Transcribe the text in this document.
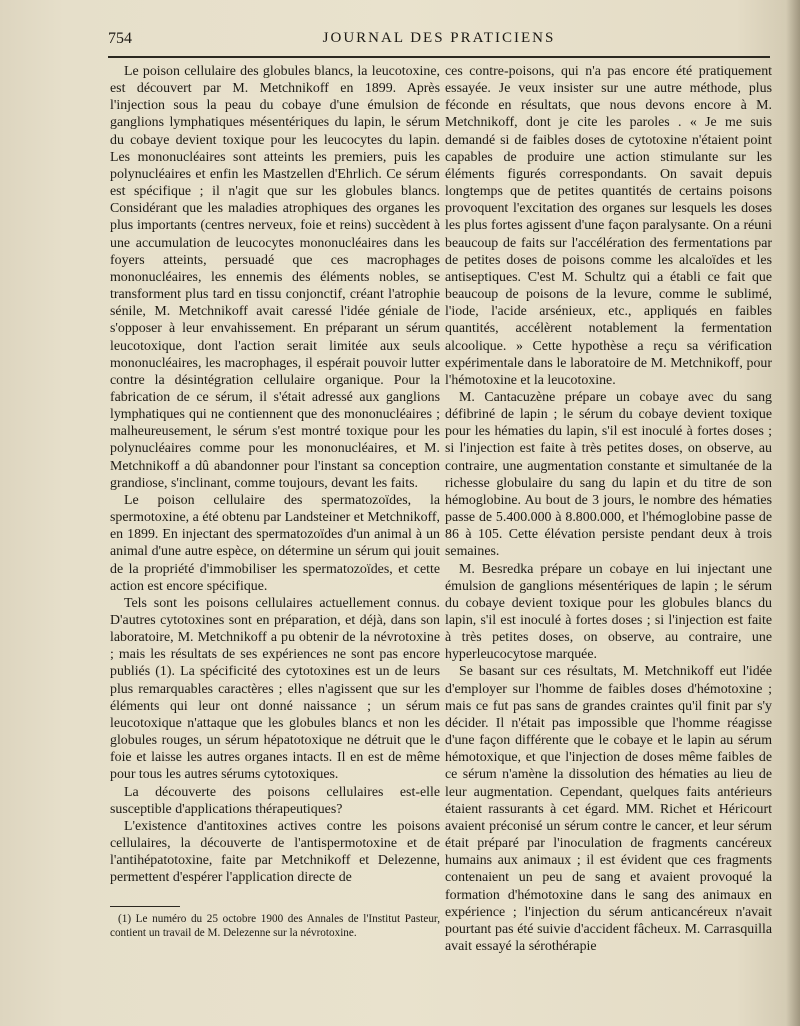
754	JOURNAL DES PRATICIENS

Le poison cellulaire des globules blancs, la leucotoxine, est découvert par M. Metchnikoff en 1899. Après l'injection sous la peau du cobaye d'une émulsion de ganglions lymphatiques mésentériques du lapin, le sérum du cobaye devient toxique pour les leucocytes du lapin. Les mononucléaires sont atteints les premiers, puis les polynucléaires et enfin les Mastzellen d'Ehrlich. Ce sérum est spécifique ; il n'agit que sur les globules blancs. Considérant que les maladies atrophiques des organes les plus importants (centres nerveux, foie et reins) succèdent à une accumulation de leucocytes mononucléaires dans les foyers atteints, persuadé que ces macrophages mononucléaires, les ennemis des éléments nobles, se transforment plus tard en tissu conjonctif, créant l'atrophie sénile, M. Metchnikoff avait caressé l'idée géniale de s'opposer à leur envahissement. En préparant un sérum leucotoxique, dont l'action serait limitée aux seuls mononucléaires, les macrophages, il espérait pouvoir lutter contre la désintégration cellulaire organique. Pour la fabrication de ce sérum, il s'était adressé aux ganglions lymphatiques qui ne contiennent que des mononucléaires ; malheureusement, le sérum s'est montré toxique pour les polynucléaires comme pour les mononucléaires, et M. Metchnikoff a dû abandonner pour l'instant sa conception grandiose, s'inclinant, comme toujours, devant les faits.

Le poison cellulaire des spermatozoïdes, la spermotoxine, a été obtenu par Landsteiner et Metchnikoff, en 1899. En injectant des spermatozoïdes d'un animal à un animal d'une autre espèce, on détermine un sérum qui jouit de la propriété d'immobiliser les spermatozoïdes, et cette action est encore spécifique.

Tels sont les poisons cellulaires actuellement connus. D'autres cytotoxines sont en préparation, et déjà, dans son laboratoire, M. Metchnikoff a pu obtenir de la névrotoxine ; mais les résultats de ses expériences ne sont pas encore publiés (1). La spécificité des cytotoxines est un de leurs plus remarquables caractères ; elles n'agissent que sur les éléments qui leur ont donné naissance ; un sérum leucotoxique n'attaque que les globules blancs et non les globules rouges, un sérum hépatotoxique ne détruit que le foie et laisse les autres organes intacts. Il en est de même pour tous les autres sérums cytotoxiques.

La découverte des poisons cellulaires est-elle susceptible d'applications thérapeutiques?

L'existence d'antitoxines actives contre les poisons cellulaires, la découverte de l'antispermotoxine et de l'antihépatotoxine, faite par Metchnikoff et Delezenne, permettent d'espérer l'application directe de

ces contre-poisons, qui n'a pas encore été pratiquement essayée. Je veux insister sur une autre méthode, plus féconde en résultats, que nous devons encore à M. Metchnikoff, dont je cite les paroles . « Je me suis demandé si de faibles doses de cytotoxine n'étaient point capables de produire une action stimulante sur les éléments figurés correspondants. On savait depuis longtemps que de petites quantités de certains poisons provoquent l'excitation des organes sur lesquels les doses les plus fortes agissent d'une façon paralysante. On a réuni beaucoup de faits sur l'accélération des fermentations par de petites doses de poisons comme les alcaloïdes et les antiseptiques. C'est M. Schultz qui a établi ce fait que beaucoup de poisons de la levure, comme le sublimé, l'iode, l'acide arsénieux, etc., appliqués en faibles quantités, accélèrent notablement la fermentation alcoolique. » Cette hypothèse a reçu sa vérification expérimentale dans le laboratoire de M. Metchnikoff, pour l'hémotoxine et la leucotoxine.

M. Cantacuzène prépare un cobaye avec du sang défibriné de lapin ; le sérum du cobaye devient toxique pour les hématies du lapin, s'il est inoculé à fortes doses ; si l'injection est faite à très petites doses, on observe, au contraire, une augmentation constante et simultanée de la richesse globulaire du sang du lapin et du titre de son hémoglobine. Au bout de 3 jours, le nombre des hématies passe de 5.400.000 à 8.800.000, et l'hémoglobine passe de 86 à 105. Cette élévation persiste pendant deux à trois semaines.

M. Besredka prépare un cobaye en lui injectant une émulsion de ganglions mésentériques de lapin ; le sérum du cobaye devient toxique pour les globules blancs du lapin, s'il est inoculé à fortes doses ; si l'injection est faite à très petites doses, on observe, au contraire, une hyperleucocytose marquée.

Se basant sur ces résultats, M. Metchnikoff eut l'idée d'employer sur l'homme de faibles doses d'hémotoxine ; mais ce fut pas sans de grandes craintes qu'il finit par s'y décider. Il n'était pas impossible que l'homme réagisse d'une façon différente que le cobaye et le lapin au sérum hémotoxique, et que l'injection de doses même faibles de ce sérum n'amène la dissolution des hématies au lieu de leur augmentation. Cependant, quelques faits antérieurs étaient rassurants à cet égard. MM. Richet et Héricourt avaient préconisé un sérum contre le cancer, et leur sérum était préparé par l'inoculation de fragments cancéreux humains aux animaux ; il est évident que ces fragments contenaient un peu de sang et avaient provoqué la formation d'hémotoxine dans le sang des animaux en expérience ; l'injection du sérum anticancéreux n'avait pourtant pas été suivie d'accident fâcheux. M. Carrasquilla avait essayé la sérothérapie

(1) Le numéro du 25 octobre 1900 des Annales de l'Institut Pasteur, contient un travail de M. Delezenne sur la névrotoxine.
